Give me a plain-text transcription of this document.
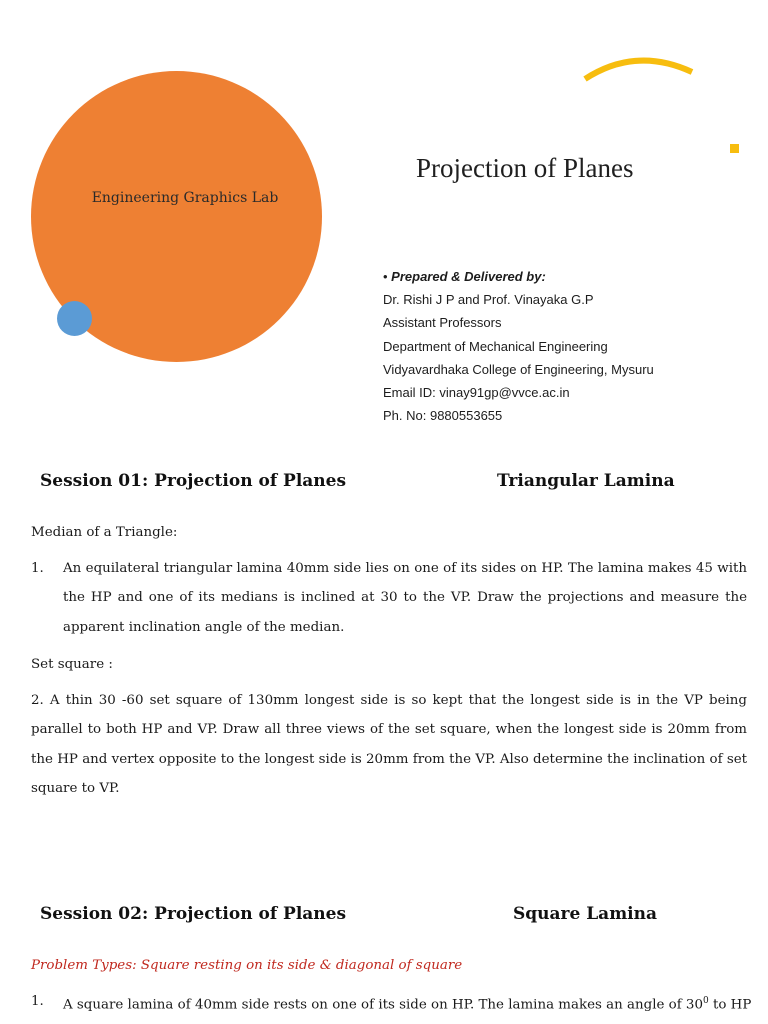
Engineering Graphics Lab
Projection of Planes
• Prepared & Delivered by:
Dr. Rishi J P and Prof. Vinayaka G.P
Assistant Professors
Department of Mechanical Engineering
Vidyavardhaka College of Engineering, Mysuru
Email ID: vinay91gp@vvce.ac.in
Ph. No: 9880553655
Session 01: Projection of Planes	Triangular Lamina
Median of a Triangle:
1. An equilateral triangular lamina 40mm side lies on one of its sides on HP. The lamina makes 45 with the HP and one of its medians is inclined at 30 to the VP. Draw the projections and measure the apparent inclination angle of the median.
Set square :
2. A thin 30 -60 set square of 130mm longest side is so kept that the longest side is in the VP being parallel to both HP and VP. Draw all three views of the set square, when the longest side is 20mm from the HP and vertex opposite to the longest side is 20mm from the VP. Also determine the inclination of set square to VP.
Session 02: Projection of Planes	Square Lamina
Problem Types: Square resting on its side & diagonal of square
1. A square lamina of 40mm side rests on one of its side on HP. The lamina makes an angle of $30^0$ to HP
